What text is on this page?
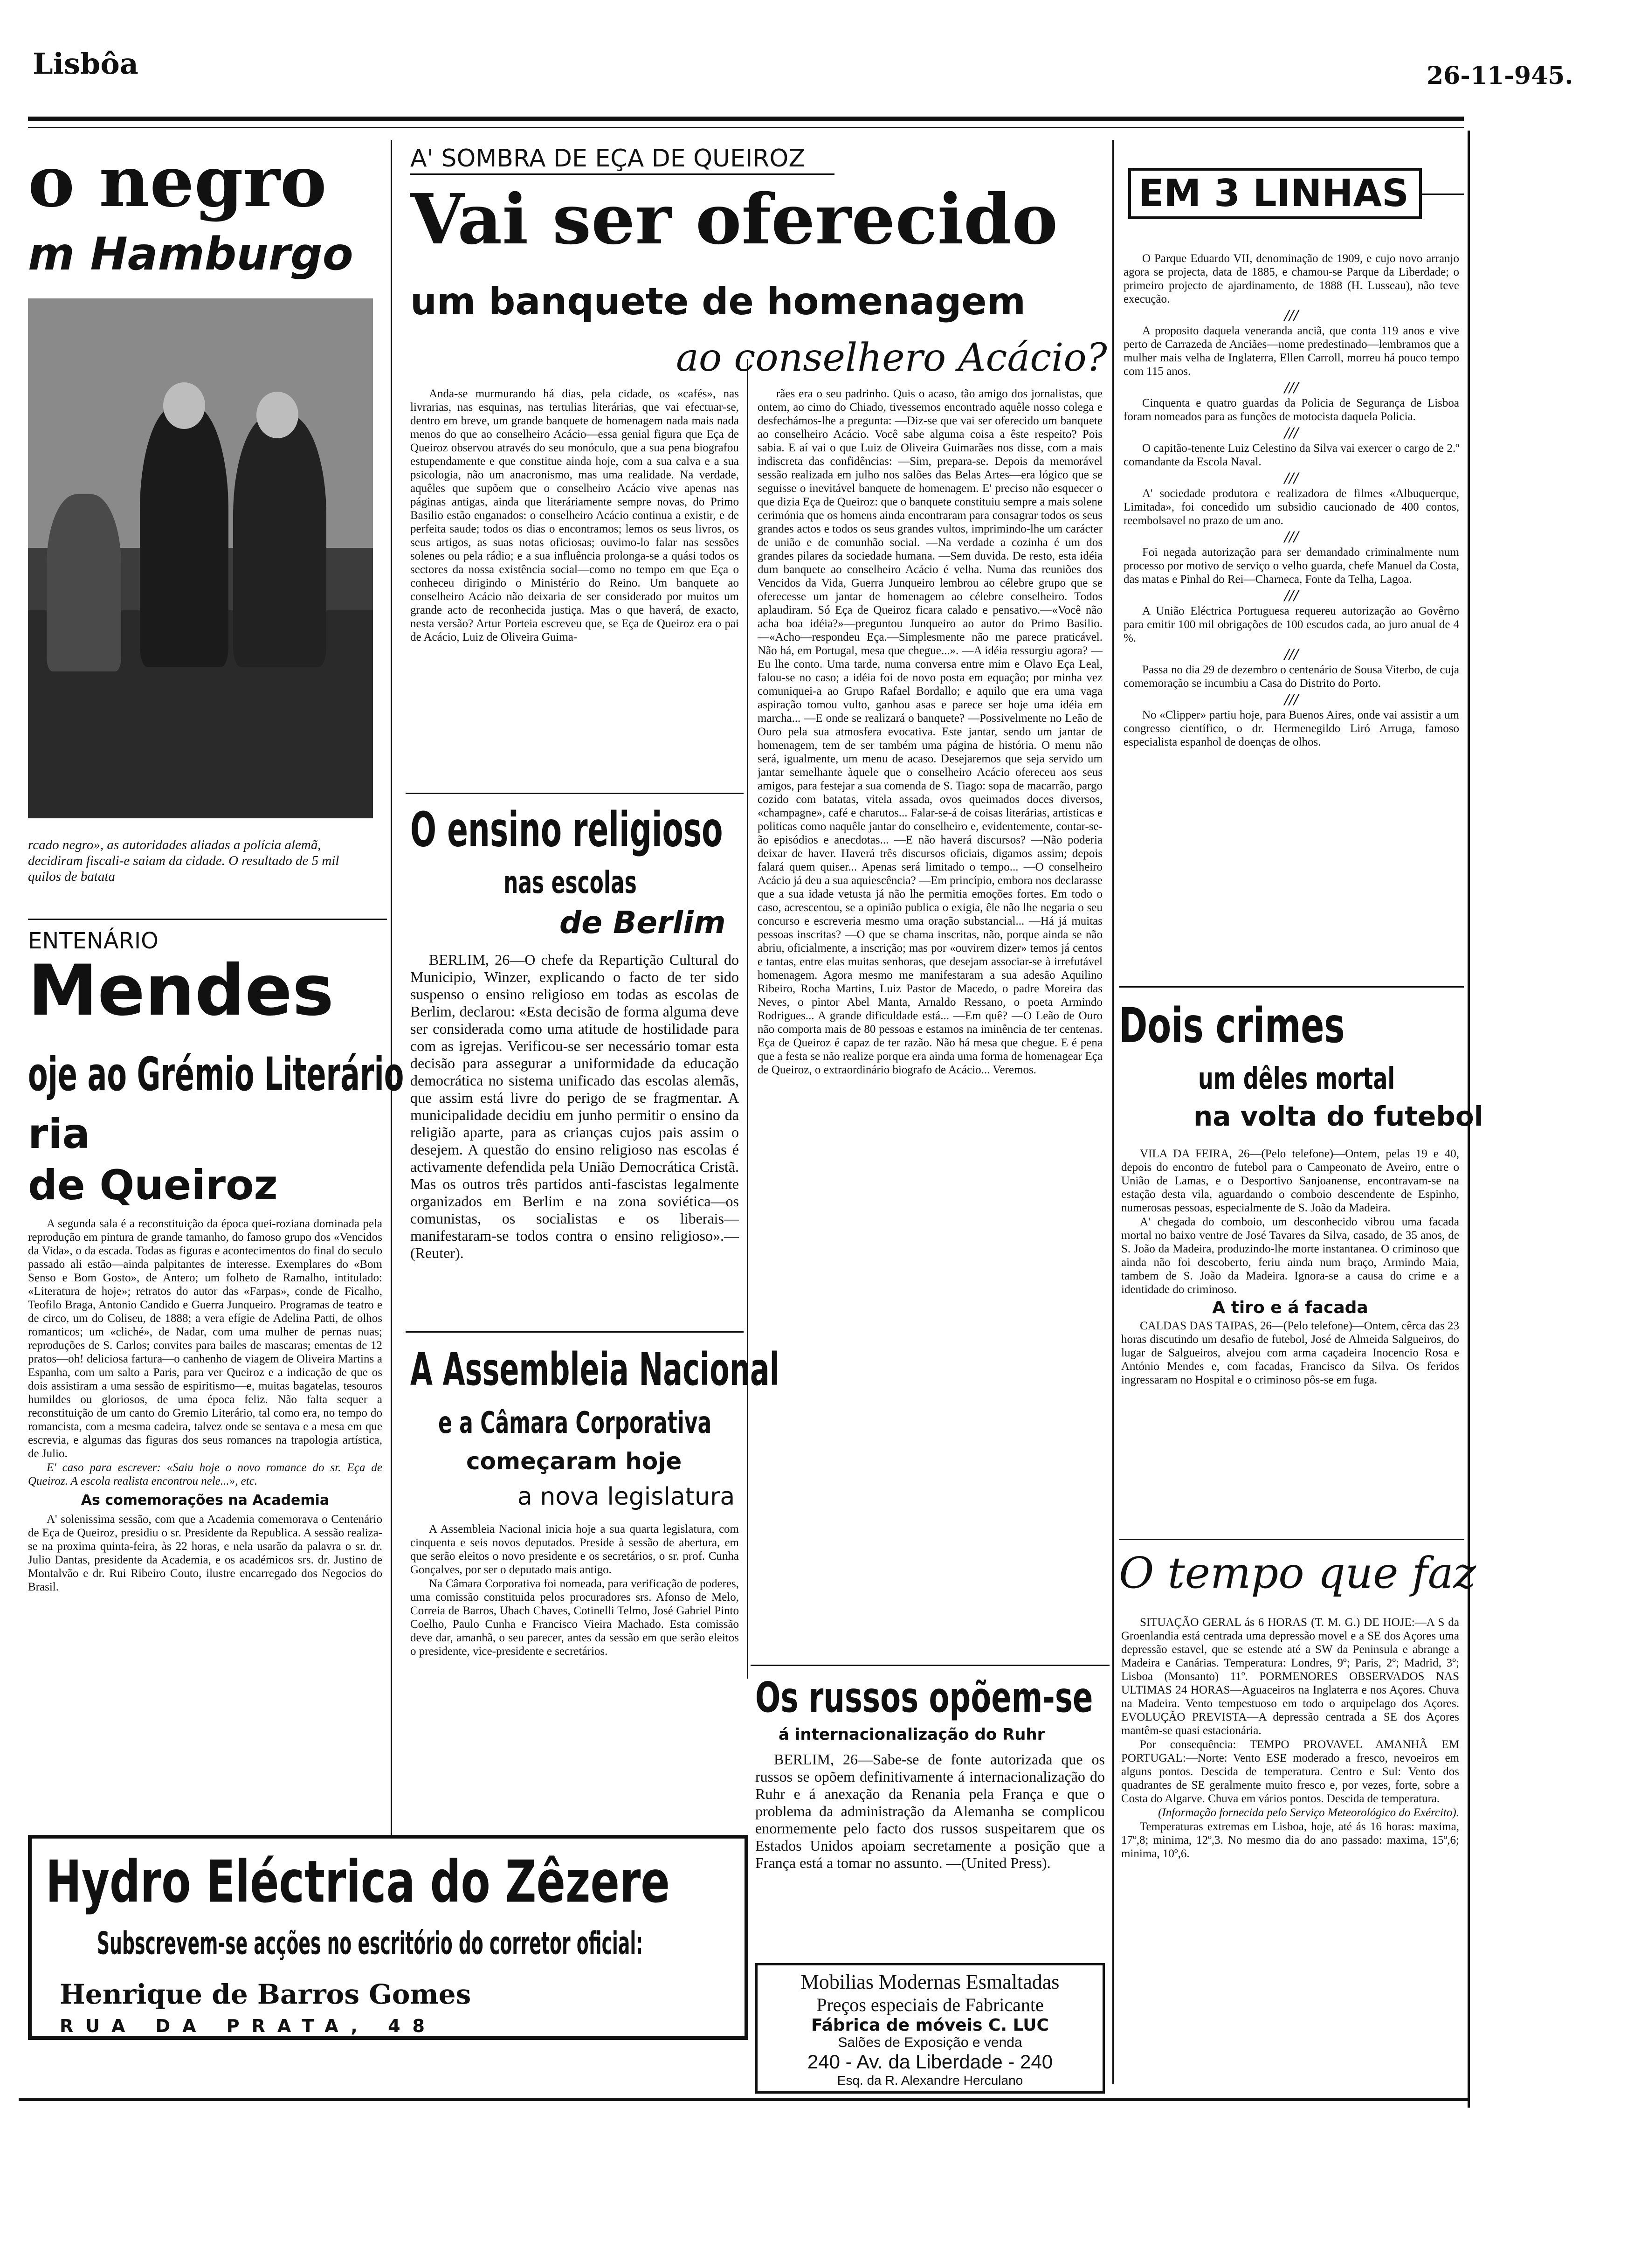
Lisbôa	26-11-945.
o negro
m Hamburgo
rcado negro», as autoridades aliadas a polícia alemã, decidiram fiscali-e saiam da cidade. O resultado de 5 mil quilos de batata
ENTENÁRIO
Mendes
oje ao Grémio Literário
ria
de Queiroz

A segunda sala é a reconstituição da época quei-roziana dominada pela reprodução em pintura de grande tamanho, do famoso grupo dos «Vencidos da Vida», o da escada. Todas as figuras e acontecimentos do final do seculo passado ali estão—ainda palpitantes de interesse. Exemplares do «Bom Senso e Bom Gosto», de Antero; um folheto de Ramalho, intitulado: «Literatura de hoje»; retratos do autor das «Farpas», conde de Ficalho, Teofilo Braga, Antonio Candido e Guerra Junqueiro. Programas de teatro e de circo, um do Coliseu, de 1888; a vera efígie de Adelina Patti, de olhos romanticos; um «cliché», de Nadar, com uma mulher de pernas nuas; reproduções de S. Carlos; convites para bailes de mascaras; ementas de 12 pratos—oh! deliciosa fartura—o canhenho de viagem de Oliveira Martins a Espanha, com um salto a Paris, para ver Queiroz e a indicação de que os dois assistiram a uma sessão de espiritismo—e, muitas bagatelas, tesouros humildes ou gloriosos, de uma época feliz. Não falta sequer a reconstituição de um canto do Gremio Literário, tal como era, no tempo do romancista, com a mesma cadeira, talvez onde se sentava e a mesa em que escrevia, e algumas das figuras dos seus romances na trapologia artística, de Julio.

E' caso para escrever: «Saiu hoje o novo romance do sr. Eça de Queiroz. A escola realista encontrou nele...», etc.

As comemorações na Academia

A' solenissima sessão, com que a Academia comemorava o Centenário de Eça de Queiroz, presidiu o sr. Presidente da Republica. A sessão realiza-se na proxima quinta-feira, às 22 horas, e nela usarão da palavra o sr. dr. Julio Dantas, presidente da Academia, e os académicos srs. dr. Justino de Montalvão e dr. Rui Ribeiro Couto, ilustre encarregado dos Negocios do Brasil.

A' SOMBRA DE EÇA DE QUEIROZ
Vai ser oferecido
um banquete de homenagem
ao conselhero Acácio?

Anda-se murmurando há dias, pela cidade, os «cafés», nas livrarias, nas esquinas, nas tertulias literárias, que vai efectuar-se, dentro em breve, um grande banquete de homenagem nada mais nada menos do que ao conselheiro Acácio—essa genial figura que Eça de Queiroz observou através do seu monóculo, que a sua pena biografou estupendamente e que constitue ainda hoje, com a sua calva e a sua psicologia, não um anacronismo, mas uma realidade. Na verdade, aquêles que supõem que o conselheiro Acácio vive apenas nas páginas antigas, ainda que literáriamente sempre novas, do Primo Basilio estão enganados: o conselheiro Acácio continua a existir, e de perfeita saude; todos os dias o encontramos; lemos os seus livros, os seus artigos, as suas notas oficiosas; ouvimo-lo falar nas sessões solenes ou pela rádio; e a sua influência prolonga-se a quási todos os sectores da nossa existência social—como no tempo em que Eça o conheceu dirigindo o Ministério do Reino. Um banquete ao conselheiro Acácio não deixaria de ser considerado por muitos um grande acto de reconhecida justiça. Mas o que haverá, de exacto, nesta versão? Artur Porteia escreveu que, se Eça de Queiroz era o pai de Acácio, Luiz de Oliveira Guima-

rães era o seu padrinho. Quis o acaso, tão amigo dos jornalistas, que ontem, ao cimo do Chiado, tivessemos encontrado aquêle nosso colega e desfechámos-lhe a pregunta: —Diz-se que vai ser oferecido um banquete ao conselheiro Acácio. Você sabe alguma coisa a êste respeito? Pois sabia. E aí vai o que Luiz de Oliveira Guimarães nos disse, com a mais indiscreta das confidências: —Sim, prepara-se. Depois da memorável sessão realizada em julho nos salões das Belas Artes—era lógico que se seguisse o inevitável banquete de homenagem. E' preciso não esquecer o que dizia Eça de Queiroz: que o banquete constituiu sempre a mais solene cerimónia que os homens ainda encontraram para consagrar todos os seus grandes actos e todos os seus grandes vultos, imprimindo-lhe um carácter de união e de comunhão social. —Na verdade a cozinha é um dos grandes pilares da sociedade humana. —Sem duvida. De resto, esta idéia dum banquete ao conselheiro Acácio é velha. Numa das reuniões dos Vencidos da Vida, Guerra Junqueiro lembrou ao célebre grupo que se oferecesse um jantar de homenagem ao célebre conselheiro. Todos aplaudiram. Só Eça de Queiroz ficara calado e pensativo.—«Você não acha boa idéia?»—preguntou Junqueiro ao autor do Primo Basilio.—«Acho—respondeu Eça.—Simplesmente não me parece praticável. Não há, em Portugal, mesa que chegue...». —A idéia ressurgiu agora? —Eu lhe conto. Uma tarde, numa conversa entre mim e Olavo Eça Leal, falou-se no caso; a idéia foi de novo posta em equação; por minha vez comuniquei-a ao Grupo Rafael Bordallo; e aquilo que era uma vaga aspiração tomou vulto, ganhou asas e parece ser hoje uma idéia em marcha... —E onde se realizará o banquete? —Possivelmente no Leão de Ouro pela sua atmosfera evocativa. Este jantar, sendo um jantar de homenagem, tem de ser também uma página de história. O menu não será, igualmente, um menu de acaso. Desejaremos que seja servido um jantar semelhante àquele que o conselheiro Acácio ofereceu aos seus amigos, para festejar a sua comenda de S. Tiago: sopa de macarrão, pargo cozido com batatas, vitela assada, ovos queimados doces diversos, «champagne», café e charutos... Falar-se-á de coisas literárias, artisticas e politicas como naquêle jantar do conselheiro e, evidentemente, contar-se-ão episódios e anecdotas... —E não haverá discursos? —Não poderia deixar de haver. Haverá três discursos oficiais, digamos assim; depois falará quem quiser... Apenas será limitado o tempo... —O conselheiro Acácio já deu a sua aquiescência? —Em princípio, embora nos declarasse que a sua idade vetusta já não lhe permitia emoções fortes. Em todo o caso, acrescentou, se a opinião publica o exigia, êle não lhe negaria o seu concurso e escreveria mesmo uma oração substancial... —Há já muitas pessoas inscritas? —O que se chama inscritas, não, porque ainda se não abriu, oficialmente, a inscrição; mas por «ouvirem dizer» temos já centos e tantas, entre elas muitas senhoras, que desejam associar-se à irrefutável homenagem. Agora mesmo me manifestaram a sua adesão Aquilino Ribeiro, Rocha Martins, Luiz Pastor de Macedo, o padre Moreira das Neves, o pintor Abel Manta, Arnaldo Ressano, o poeta Armindo Rodrigues... A grande dificuldade está... —Em quê? —O Leão de Ouro não comporta mais de 80 pessoas e estamos na iminência de ter centenas. Eça de Queiroz é capaz de ter razão. Não há mesa que chegue. E é pena que a festa se não realize porque era ainda uma forma de homenagear Eça de Queiroz, o extraordinário biografo de Acácio... Veremos.

O ensino religioso
nas escolas
de Berlim

BERLIM, 26—O chefe da Repartição Cultural do Municipio, Winzer, explicando o facto de ter sido suspenso o ensino religioso em todas as escolas de Berlim, declarou: «Esta decisão de forma alguma deve ser considerada como uma atitude de hostilidade para com as igrejas. Verificou-se ser necessário tomar esta decisão para assegurar a uniformidade da educação democrática no sistema unificado das escolas alemãs, que assim está livre do perigo de se fragmentar. A municipalidade decidiu em junho permitir o ensino da religião aparte, para as crianças cujos pais assim o desejem. A questão do ensino religioso nas escolas é activamente defendida pela União Democrática Cristã. Mas os outros três partidos anti-fascistas legalmente organizados em Berlim e na zona soviética—os comunistas, os socialistas e os liberais—manifestaram-se todos contra o ensino religioso».—(Reuter).

A Assembleia Nacional
e a Câmara Corporativa
começaram hoje
a nova legislatura

A Assembleia Nacional inicia hoje a sua quarta legislatura, com cinquenta e seis novos deputados. Preside à sessão de abertura, em que serão eleitos o novo presidente e os secretários, o sr. prof. Cunha Gonçalves, por ser o deputado mais antigo.

Na Câmara Corporativa foi nomeada, para verificação de poderes, uma comissão constituida pelos procuradores srs. Afonso de Melo, Correia de Barros, Ubach Chaves, Cotinelli Telmo, José Gabriel Pinto Coelho, Paulo Cunha e Francisco Vieira Machado. Esta comissão deve dar, amanhã, o seu parecer, antes da sessão em que serão eleitos o presidente, vice-presidente e secretários.

Os russos opõem-se
á internacionalização do Ruhr

BERLIM, 26—Sabe-se de fonte autorizada que os russos se opõem definitivamente á internacionalização do Ruhr e á anexação da Renania pela França e que o problema da administração da Alemanha se complicou enormemente pelo facto dos russos suspeitarem que os Estados Unidos apoiam secretamente a posição que a França está a tomar no assunto. —(United Press).

Mobilias Modernas Esmaltadas
Preços especiais de Fabricante
Fábrica de móveis C. LUC
Salões de Exposição e venda
240 - Av. da Liberdade - 240
Esq. da R. Alexandre Herculano
Hydro Eléctrica do Zêzere
Subscrevem-se acções no escritório do corretor oficial:
Henrique de Barros Gomes
RUA DA PRATA, 48
EM 3 LINHAS

O Parque Eduardo VII, denominação de 1909, e cujo novo arranjo agora se projecta, data de 1885, e chamou-se Parque da Liberdade; o primeiro projecto de ajardinamento, de 1888 (H. Lusseau), não teve execução.

///

A proposito daquela veneranda anciã, que conta 119 anos e vive perto de Carrazeda de Anciães—nome predestinado—lembramos que a mulher mais velha de Inglaterra, Ellen Carroll, morreu há pouco tempo com 115 anos.

///

Cinquenta e quatro guardas da Policia de Segurança de Lisboa foram nomeados para as funções de motocista daquela Policia.

///

O capitão-tenente Luiz Celestino da Silva vai exercer o cargo de 2.º comandante da Escola Naval.

///

A' sociedade produtora e realizadora de filmes «Albuquerque, Limitada», foi concedido um subsidio caucionado de 400 contos, reembolsavel no prazo de um ano.

///

Foi negada autorização para ser demandado criminalmente num processo por motivo de serviço o velho guarda, chefe Manuel da Costa, das matas e Pinhal do Rei—Charneca, Fonte da Telha, Lagoa.

///

A União Eléctrica Portuguesa requereu autorização ao Govêrno para emitir 100 mil obrigações de 100 escudos cada, ao juro anual de 4 %.

///

Passa no dia 29 de dezembro o centenário de Sousa Viterbo, de cuja comemoração se incumbiu a Casa do Distrito do Porto.

///

No «Clipper» partiu hoje, para Buenos Aires, onde vai assistir a um congresso científico, o dr. Hermenegildo Liró Arruga, famoso especialista espanhol de doenças de olhos.

Dois crimes
um dêles mortal
na volta do futebol

VILA DA FEIRA, 26—(Pelo telefone)—Ontem, pelas 19 e 40, depois do encontro de futebol para o Campeonato de Aveiro, entre o União de Lamas, e o Desportivo Sanjoanense, encontravam-se na estação desta vila, aguardando o comboio descendente de Espinho, numerosas pessoas, especialmente de S. João da Madeira.

A' chegada do comboio, um desconhecido vibrou uma facada mortal no baixo ventre de José Tavares da Silva, casado, de 35 anos, de S. João da Madeira, produzindo-lhe morte instantanea. O criminoso que ainda não foi descoberto, feriu ainda num braço, Armindo Maia, tambem de S. João da Madeira. Ignora-se a causa do crime e a identidade do criminoso.

A tiro e á facada

CALDAS DAS TAIPAS, 26—(Pelo telefone)—Ontem, cêrca das 23 horas discutindo um desafio de futebol, José de Almeida Salgueiros, do lugar de Salgueiros, alvejou com arma caçadeira Inocencio Rosa e António Mendes e, com facadas, Francisco da Silva. Os feridos ingressaram no Hospital e o criminoso pôs-se em fuga.

O tempo que faz

SITUAÇÃO GERAL ás 6 HORAS (T. M. G.) DE HOJE:—A S da Groenlandia está centrada uma depressão movel e a SE dos Açores uma depressão estavel, que se estende até a SW da Peninsula e abrange a Madeira e Canárias. Temperatura: Londres, 9º; Paris, 2º; Madrid, 3º; Lisboa (Monsanto) 11º. PORMENORES OBSERVADOS NAS ULTIMAS 24 HORAS—Aguaceiros na Inglaterra e nos Açores. Chuva na Madeira. Vento tempestuoso em todo o arquipelago dos Açores. EVOLUÇÃO PREVISTA—A depressão centrada a SE dos Açores mantêm-se quasi estacionária.

Por consequência: TEMPO PROVAVEL AMANHÃ EM PORTUGAL:—Norte: Vento ESE moderado a fresco, nevoeiros em alguns pontos. Descida de temperatura. Centro e Sul: Vento dos quadrantes de SE geralmente muito fresco e, por vezes, forte, sobre a Costa do Algarve. Chuva em vários pontos. Descida de temperatura.

(Informação fornecida pelo Serviço Meteorológico do Exército).

Temperaturas extremas em Lisboa, hoje, até ás 16 horas: maxima, 17º,8; minima, 12º,3. No mesmo dia do ano passado: maxima, 15º,6; minima, 10º,6.
